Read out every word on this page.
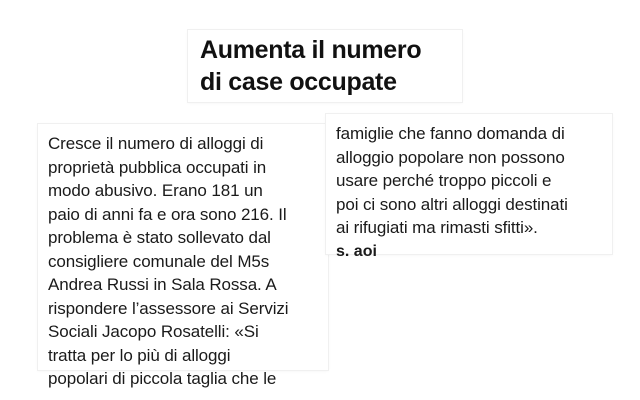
Aumenta il numero
di case occupate
Cresce il numero di alloggi di
proprietà pubblica occupati in
modo abusivo. Erano 181 un
paio di anni fa e ora sono 216. Il
problema è stato sollevato dal
consigliere comunale del M5s
Andrea Russi in Sala Rossa. A
rispondere l’assessore ai Servizi
Sociali Jacopo Rosatelli: «Si
tratta per lo più di alloggi
popolari di piccola taglia che le
famiglie che fanno domanda di
alloggio popolare non possono
usare perché troppo piccoli e
poi ci sono altri alloggi destinati
ai rifugiati ma rimasti sfitti».
s. aoi
